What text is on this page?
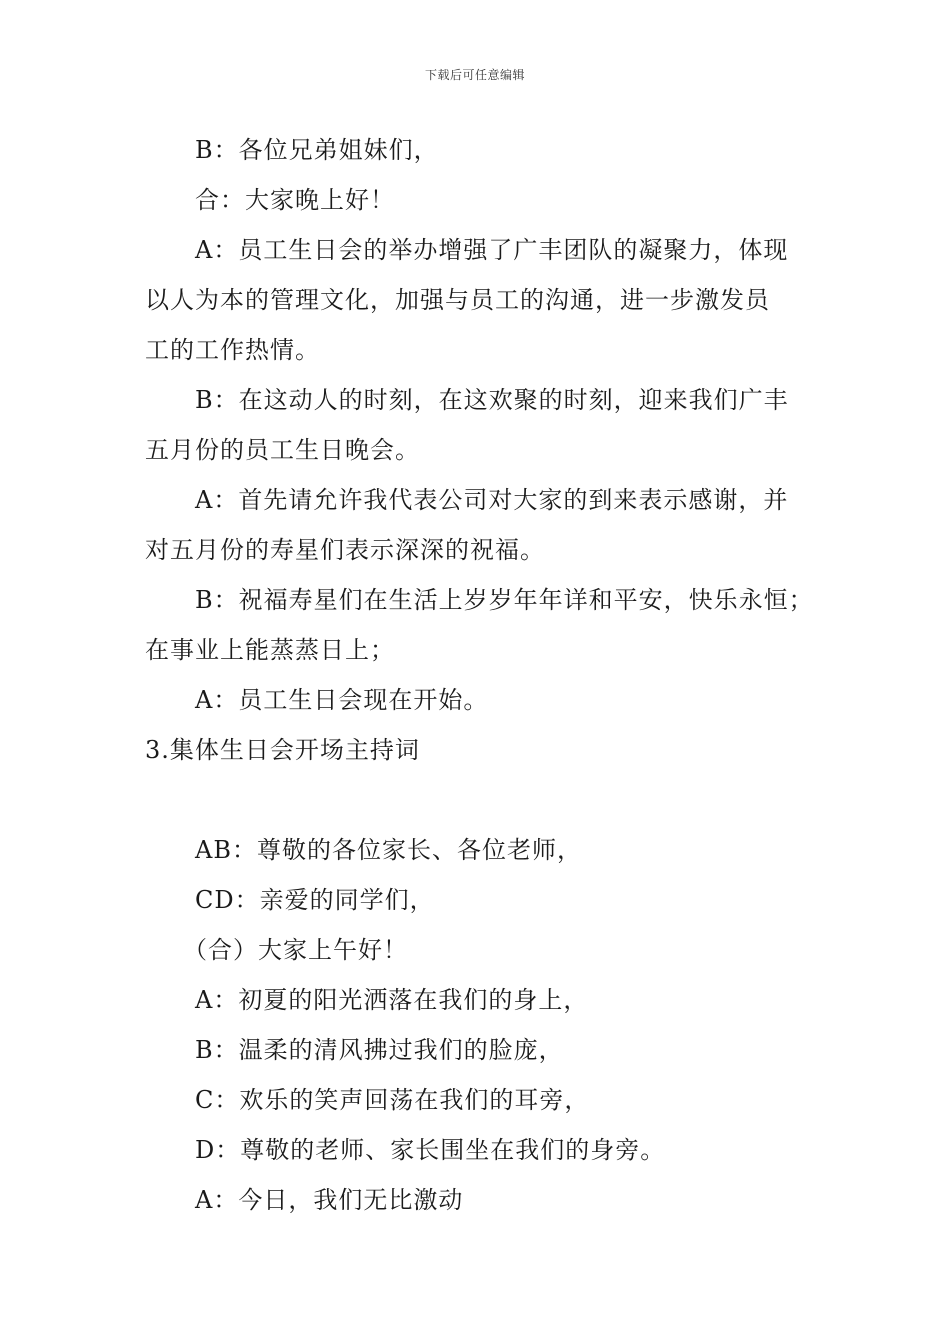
下载后可任意编辑
B：各位兄弟姐妹们，
合：大家晚上好！
A：员工生日会的举办增强了广丰团队的凝聚力，体现
以人为本的管理文化，加强与员工的沟通，进一步激发员
工的工作热情。
B：在这动人的时刻，在这欢聚的时刻，迎来我们广丰
五月份的员工生日晚会。
A：首先请允许我代表公司对大家的到来表示感谢，并
对五月份的寿星们表示深深的祝福。
B：祝福寿星们在生活上岁岁年年详和平安，快乐永恒；
在事业上能蒸蒸日上；
A：员工生日会现在开始。
3.集体生日会开场主持词
AB：尊敬的各位家长、各位老师，
CD：亲爱的同学们，
（合）大家上午好！
A：初夏的阳光洒落在我们的身上，
B：温柔的清风拂过我们的脸庞，
C：欢乐的笑声回荡在我们的耳旁，
D：尊敬的老师、家长围坐在我们的身旁。
A：今日，我们无比激动
